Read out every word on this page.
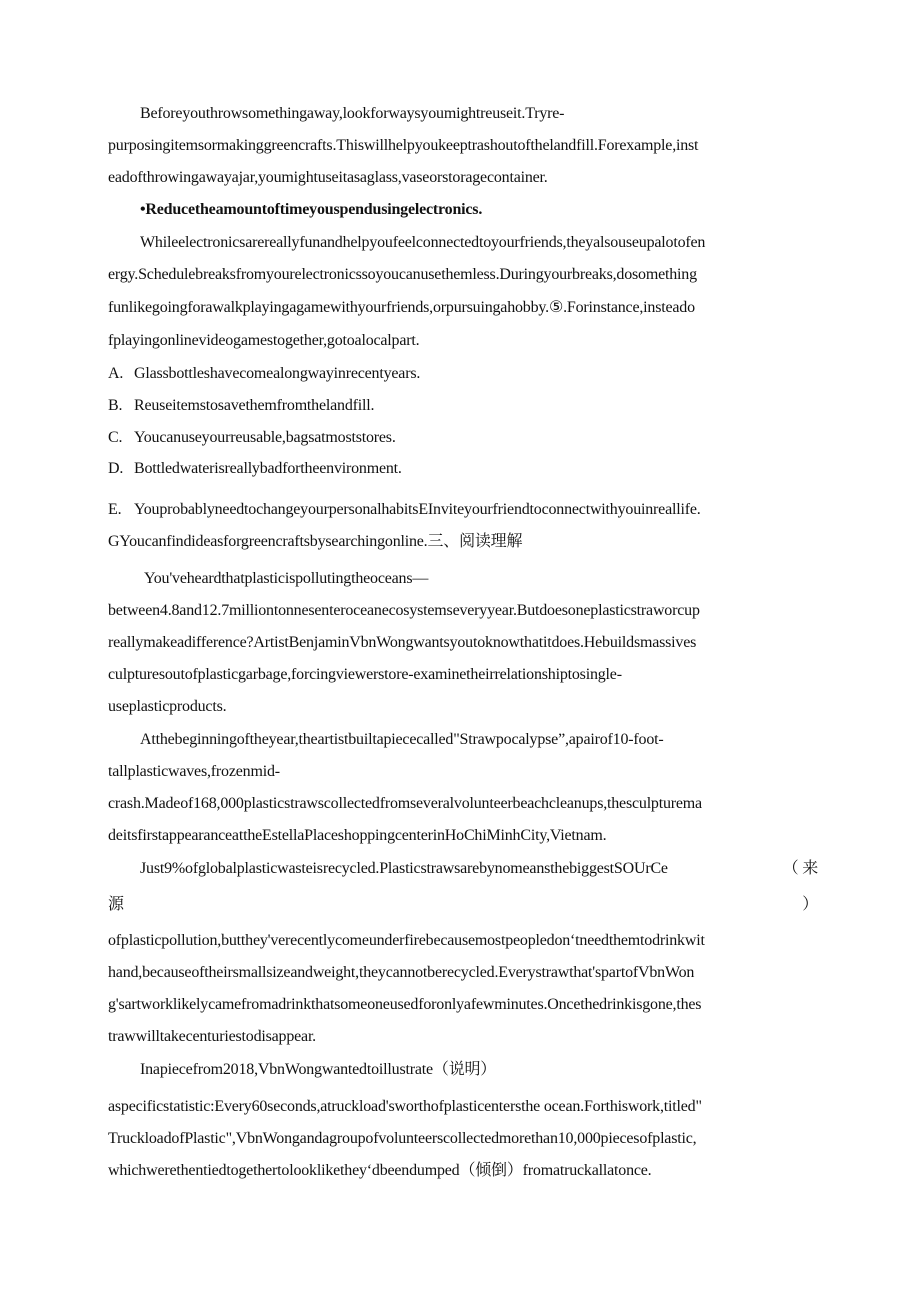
Beforeyouthrowsomethingaway,lookforwaysyoumightreuseit.Tryre-
purposingitemsormakinggreencrafts.Thiswillhelpyoukeeptrashoutofthelandfill.Forexample,inst
eadofthrowingawayajar,youmightuseitasaglass,vaseorstoragecontainer.
•Reducetheamountoftimeyouspendusingelectronics.
Whileelectronicsarereallyfunandhelpyoufeelconnectedtoyourfriends,theyalsouseupalotofen
ergy.Schedulebreaksfromyourelectronicssoyoucanusethemless.Duringyourbreaks,dosomething
funlikegoingforawalkplayingagamewithyourfriends,orpursuingahobby.⑤.Forinstance,insteado
fplayingonlinevideogamestogether,gotoalocalpart.
A. Glassbottleshavecomealongwayinrecentyears.
B. Reuseitemstosavethemfromthelandfill.
C. Youcanuseyourreusable,bagsatmoststores.
D. Bottledwaterisreallybadfortheenvironment.
E. YouprobablyneedtochangeyourpersonalhabitsEInviteyourfriendtoconnectwithyouinreallife.
GYoucanfindideasforgreencraftsbysearchingonline.三、阅读理解
You'veheardthatplasticispollutingtheoceans—
between4.8and12.7milliontonnesenteroceanecosystemseveryyear.Butdoesoneplasticstraworcup
reallymakeadifference?ArtistBenjaminVbnWongwantsyoutoknowthatitdoes.Hebuildsmassives
culpturesoutofplasticgarbage,forcingviewerstore-examinetheirrelationshiptosingle-
useplasticproducts.
Atthebeginningoftheyear,theartistbuiltapiececalled"Strawpocalypse”,apairof10-foot-
tallplasticwaves,frozenmid-
crash.Madeof168,000plasticstrawscollectedfromseveralvolunteerbeachcleanups,thesculpturema
deitsfirstappearanceattheEstellaPlaceshoppingcenterinHoChiMinhCity,Vietnam.
Just9%ofglobalplasticwasteisrecycled.PlasticstrawsarebynomeansthebiggestSOUrCe	（ 来
源	）
ofplasticpollution,butthey'verecentlycomeunderfirebecausemostpeopledonʻtneedthemtodrinkwit
hand,becauseoftheirsmallsizeandweight,theycannotberecycled.Everystrawthat'spartofVbnWon
g'sartworklikelycamefromadrinkthatsomeoneusedforonlyafewminutes.Oncethedrinkisgone,thes
trawwilltakecenturiestodisappear.
Inapiecefrom2018,VbnWongwantedtoillustrate（说明）
aspecificstatistic:Every60seconds,atruckload'sworthofplasticentersthe ocean.Forthiswork,titled"
TruckloadofPlastic",VbnWongandagroupofvolunteerscollectedmorethan10,000piecesofplastic,
whichwerethentiedtogethertolookliketheyʻdbeendumped（倾倒）fromatruckallatonce.
